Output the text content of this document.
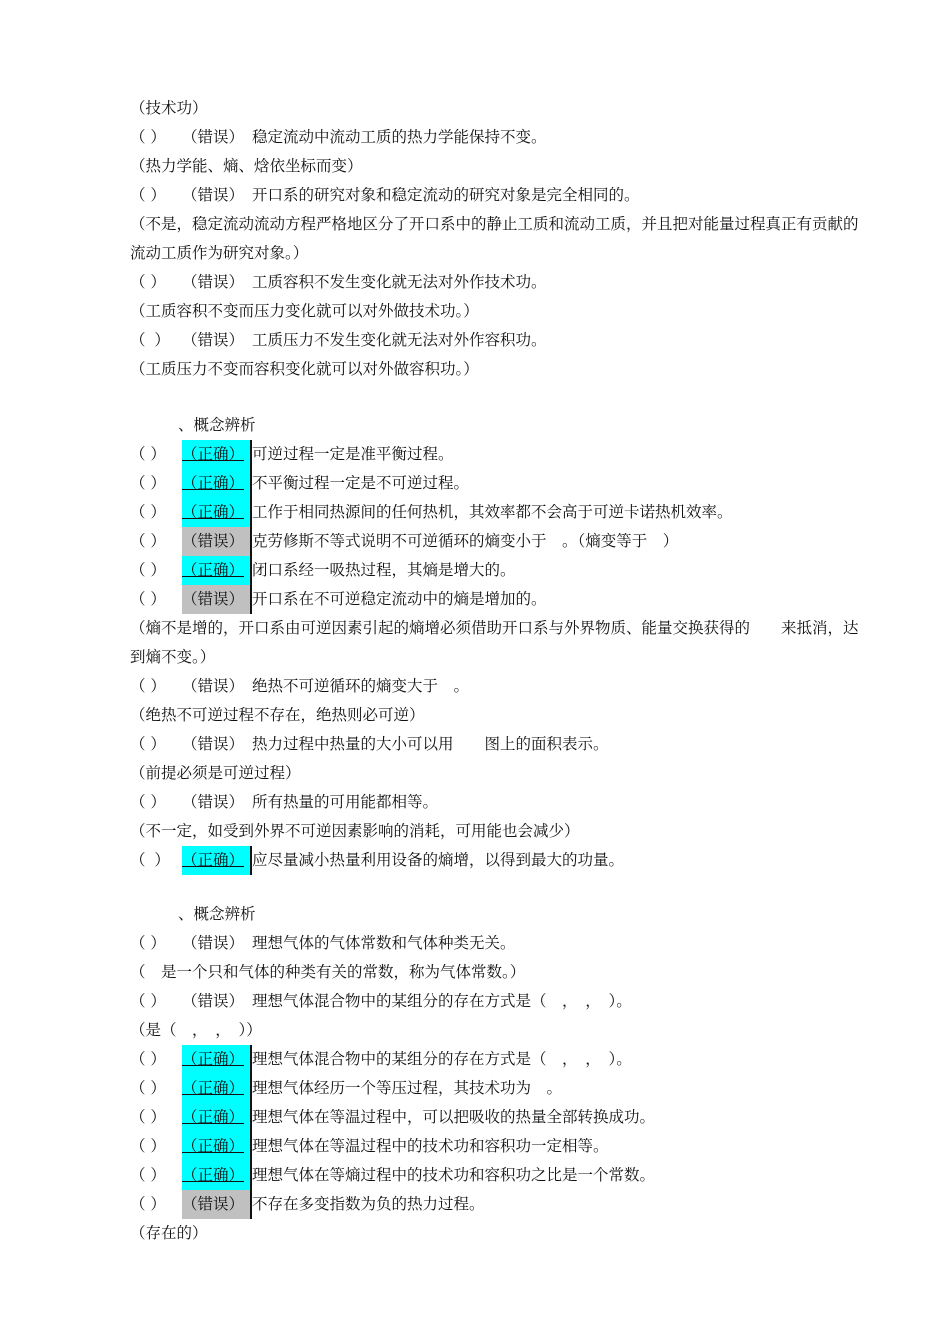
（技术功）
（ ） （错误） 稳定流动中流动工质的热力学能保持不变。
（热力学能、熵、焓依坐标而变）
（ ） （错误） 开口系的研究对象和稳定流动的研究对象是完全相同的。
（不是，稳定流动流动方程严格地区分了开口系中的静止工质和流动工质，并且把对能量过程真正有贡献的流动工质作为研究对象。）
（ ） （错误） 工质容积不发生变化就无法对外作技术功。
（工质容积不变而压力变化就可以对外做技术功。）
（ ） （错误） 工质压力不发生变化就无法对外作容积功。
（工质压力不变而容积变化就可以对外做容积功。）
、概念辨析
（ ） （正确） 可逆过程一定是准平衡过程。
（ ） （正确） 不平衡过程一定是不可逆过程。
（ ） （正确） 工作于相同热源间的任何热机，其效率都不会高于可逆卡诺热机效率。
（ ） （错误） 克劳修斯不等式说明不可逆循环的熵变小于　。（熵变等于　）
（ ） （正确） 闭口系经一吸热过程，其熵是增大的。
（ ） （错误） 开口系在不可逆稳定流动中的熵是增加的。
（熵不是增的，开口系由可逆因素引起的熵增必须借助开口系与外界物质、能量交换获得的　　来抵消，达到熵不变。）
（ ） （错误） 绝热不可逆循环的熵变大于　。
（绝热不可逆过程不存在，绝热则必可逆）
（ ） （错误） 热力过程中热量的大小可以用　　图上的面积表示。
（前提必须是可逆过程）
（ ） （错误） 所有热量的可用能都相等。
（不一定，如受到外界不可逆因素影响的消耗，可用能也会减少）
（ ） （正确） 应尽量减小热量利用设备的熵增，以得到最大的功量。
、概念辨析
（ ） （错误） 理想气体的气体常数和气体种类无关。
（　是一个只和气体的种类有关的常数，称为气体常数。）
（ ） （错误） 理想气体混合物中的某组分的存在方式是（　，　，　）。
（是（　，　，　））
（ ） （正确） 理想气体混合物中的某组分的存在方式是（　，　，　）。
（ ） （正确） 理想气体经历一个等压过程，其技术功为　。
（ ） （正确） 理想气体在等温过程中，可以把吸收的热量全部转换成功。
（ ） （正确） 理想气体在等温过程中的技术功和容积功一定相等。
（ ） （正确） 理想气体在等熵过程中的技术功和容积功之比是一个常数。
（ ） （错误） 不存在多变指数为负的热力过程。
（存在的）
